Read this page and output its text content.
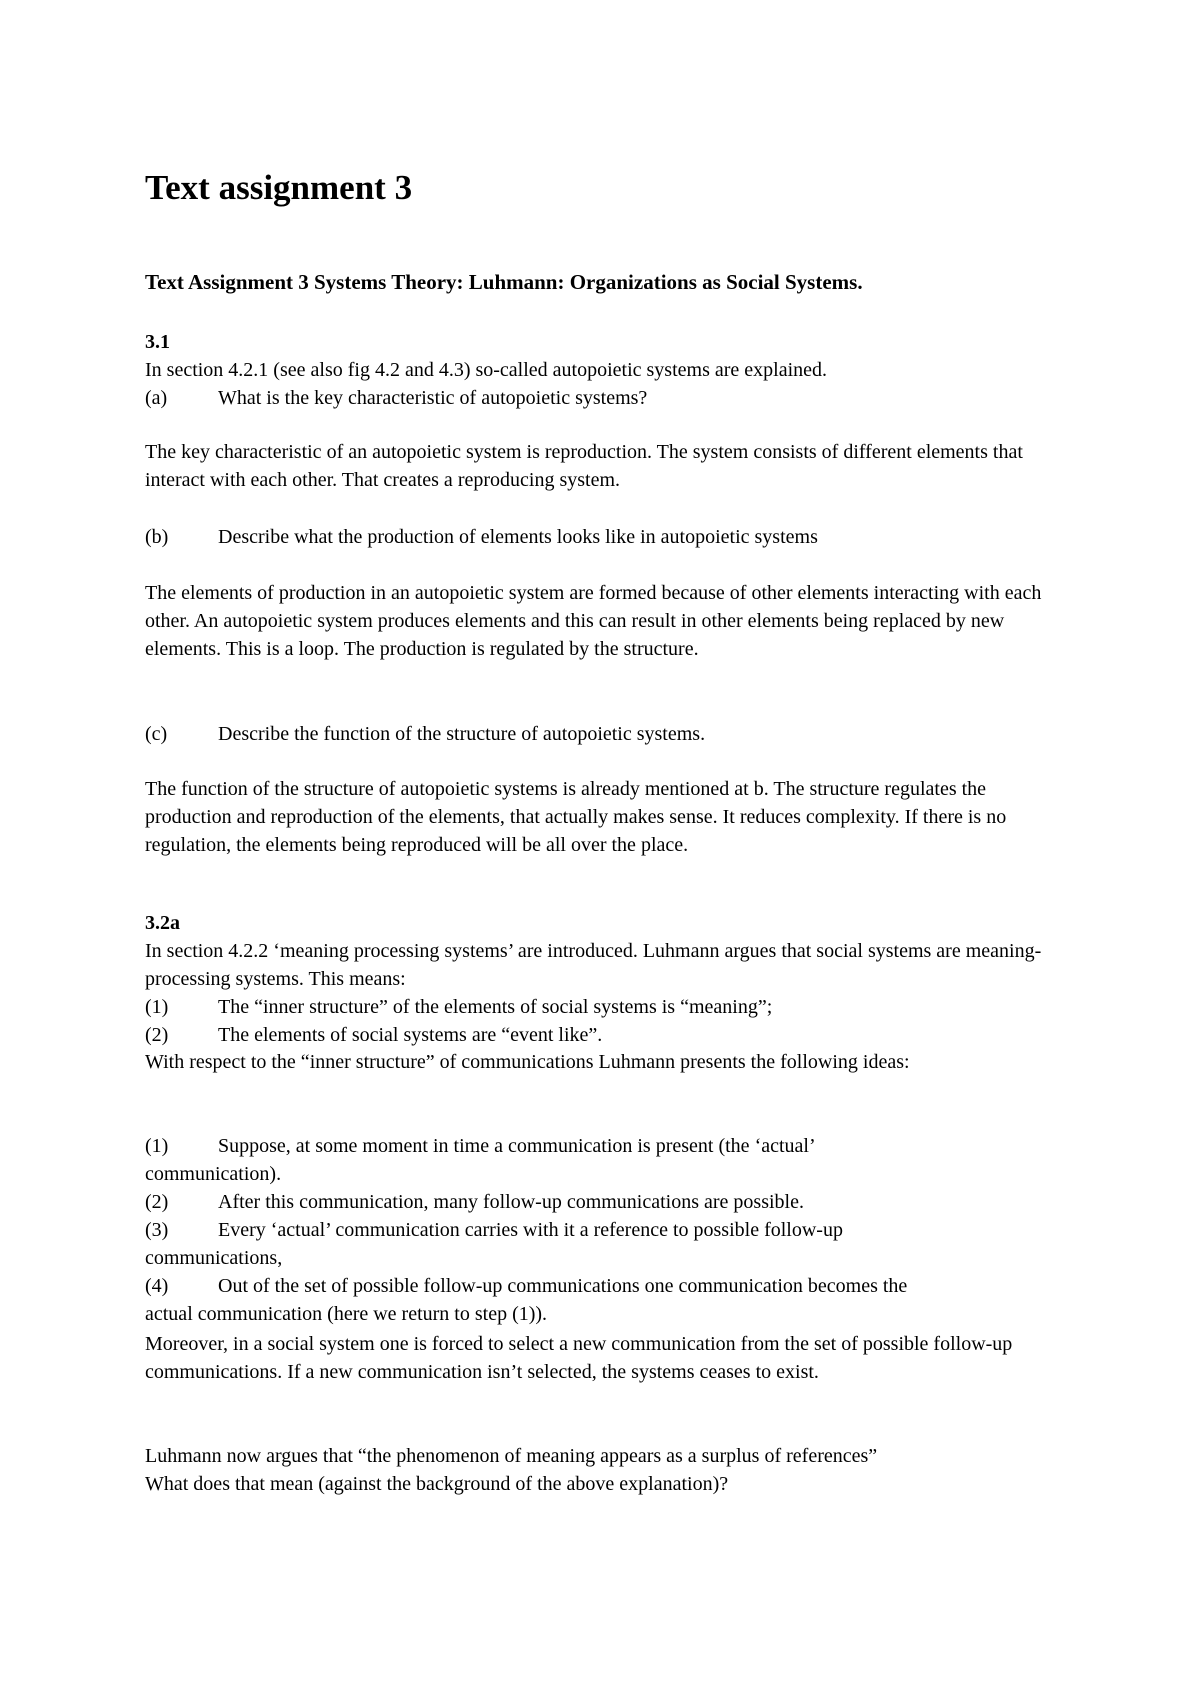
Text assignment 3
Text Assignment 3 Systems Theory: Luhmann: Organizations as Social Systems.

3.1

In section 4.2.1 (see also fig 4.2 and 4.3) so-called autopoietic systems are explained.

(a)	What is the key characteristic of autopoietic systems?

The key characteristic of an autopoietic system is reproduction. The system consists of different elements that interact with each other. That creates a reproducing system.

(b)	Describe what the production of elements looks like in autopoietic systems

The elements of production in an autopoietic system are formed because of other elements interacting with each other. An autopoietic system produces elements and this can result in other elements being replaced by new elements. This is a loop. The production is regulated by the structure.

(c)	Describe the function of the structure of autopoietic systems.

The function of the structure of autopoietic systems is already mentioned at b. The structure regulates the production and reproduction of the elements, that actually makes sense. It reduces complexity. If there is no regulation, the elements being reproduced will be all over the place.

3.2a

In section 4.2.2 ‘meaning processing systems’ are introduced. Luhmann argues that social systems are meaning-processing systems. This means:

(1)	The “inner structure” of the elements of social systems is “meaning”;
(2)	The elements of social systems are “event like”.

With respect to the “inner structure” of communications Luhmann presents the following ideas:

(1)	Suppose, at some moment in time a communication is present (the ‘actual’

communication).

(2)	After this communication, many follow-up communications are possible.
(3)	Every ‘actual’ communication carries with it a reference to possible follow-up

communications,

(4)	Out of the set of possible follow-up communications one communication becomes the

actual communication (here we return to step (1)).

Moreover, in a social system one is forced to select a new communication from the set of possible follow-up communications. If a new communication isn’t selected, the systems ceases to exist.

Luhmann now argues that “the phenomenon of meaning appears as a surplus of references”

What does that mean (against the background of the above explanation)?
